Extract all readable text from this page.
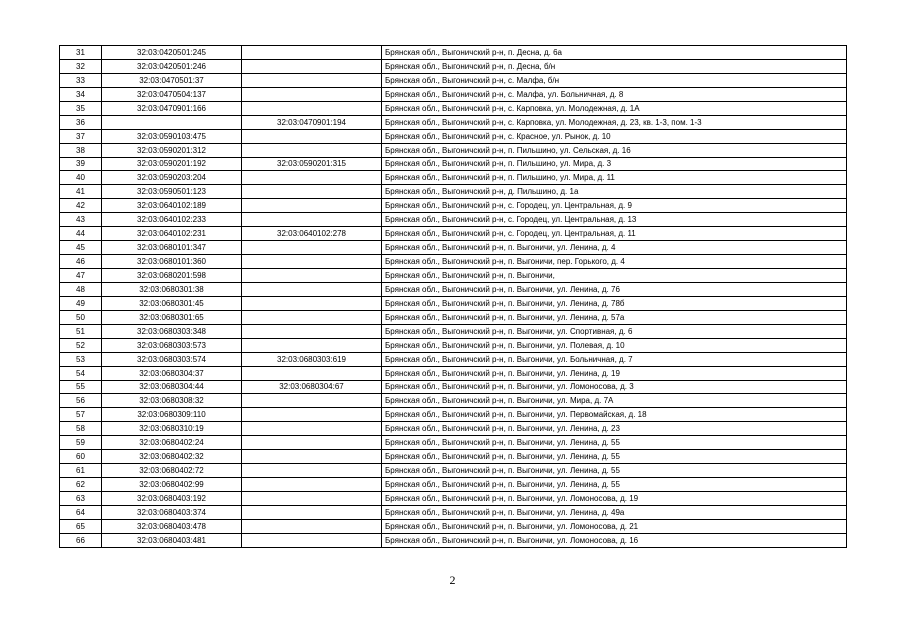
31	32:03:0420501:245		Брянская обл., Выгоничский р-н, п. Десна, д. 6а
32	32:03:0420501:246		Брянская обл., Выгоничский р-н, п. Десна, б/н
33	32:03:0470501:37		Брянская обл., Выгоничский р-н, с. Малфа, б/н
34	32:03:0470504:137		Брянская обл., Выгоничский р-н, с. Малфа, ул. Больничная, д. 8
35	32:03:0470901:166		Брянская обл., Выгоничский р-н, с. Карповка, ул. Молодежная, д. 1А
36		32:03:0470901:194	Брянская обл., Выгоничский р-н, с. Карповка, ул. Молодежная, д. 23, кв. 1-3, пом. 1-3
37	32:03:0590103:475		Брянская обл., Выгоничский р-н, с. Красное, ул. Рынок, д. 10
38	32:03:0590201:312		Брянская обл., Выгоничский р-н, п. Пильшино, ул. Сельская, д. 16
39	32:03:0590201:192	32:03:0590201:315	Брянская обл., Выгоничский р-н, п. Пильшино, ул. Мира, д. 3
40	32:03:0590203:204		Брянская обл., Выгоничский р-н, п. Пильшино, ул. Мира, д. 11
41	32:03:0590501:123		Брянская обл., Выгоничский р-н, д. Пильшино, д. 1а
42	32:03:0640102:189		Брянская обл., Выгоничский р-н, с. Городец, ул. Центральная, д. 9
43	32:03:0640102:233		Брянская обл., Выгоничский р-н, с. Городец, ул. Центральная, д. 13
44	32:03:0640102:231	32:03:0640102:278	Брянская обл., Выгоничский р-н, с. Городец, ул. Центральная, д. 11
45	32:03:0680101:347		Брянская обл., Выгоничский р-н, п. Выгоничи, ул. Ленина, д. 4
46	32:03:0680101:360		Брянская обл., Выгоничский р-н, п. Выгоничи, пер. Горького, д. 4
47	32:03:0680201:598		Брянская обл., Выгоничский р-н, п. Выгоничи,
48	32:03:0680301:38		Брянская обл., Выгоничский р-н, п. Выгоничи, ул. Ленина, д. 76
49	32:03:0680301:45		Брянская обл., Выгоничский р-н, п. Выгоничи, ул. Ленина, д. 78б
50	32:03:0680301:65		Брянская обл., Выгоничский р-н, п. Выгоничи, ул. Ленина, д. 57а
51	32:03:0680303:348		Брянская обл., Выгоничский р-н, п. Выгоничи, ул. Спортивная, д. 6
52	32:03:0680303:573		Брянская обл., Выгоничский р-н, п. Выгоничи, ул. Полевая, д. 10
53	32:03:0680303:574	32:03:0680303:619	Брянская обл., Выгоничский р-н, п. Выгоничи, ул. Больничная, д. 7
54	32:03:0680304:37		Брянская обл., Выгоничский р-н, п. Выгоничи, ул. Ленина, д. 19
55	32:03:0680304:44	32:03:0680304:67	Брянская обл., Выгоничский р-н, п. Выгоничи, ул. Ломоносова, д. 3
56	32:03:0680308:32		Брянская обл., Выгоничский р-н, п. Выгоничи, ул. Мира, д. 7А
57	32:03:0680309:110		Брянская обл., Выгоничский р-н, п. Выгоничи, ул. Первомайская, д. 18
58	32:03:0680310:19		Брянская обл., Выгоничский р-н, п. Выгоничи, ул. Ленина, д. 23
59	32:03:0680402:24		Брянская обл., Выгоничский р-н, п. Выгоничи, ул. Ленина, д. 55
60	32:03:0680402:32		Брянская обл., Выгоничский р-н, п. Выгоничи, ул. Ленина, д. 55
61	32:03:0680402:72		Брянская обл., Выгоничский р-н, п. Выгоничи, ул. Ленина, д. 55
62	32:03:0680402:99		Брянская обл., Выгоничский р-н, п. Выгоничи, ул. Ленина, д. 55
63	32:03:0680403:192		Брянская обл., Выгоничский р-н, п. Выгоничи, ул. Ломоносова, д. 19
64	32:03:0680403:374		Брянская обл., Выгоничский р-н, п. Выгоничи, ул. Ленина, д. 49а
65	32:03:0680403:478		Брянская обл., Выгоничский р-н, п. Выгоничи, ул. Ломоносова, д. 21
66	32:03:0680403:481		Брянская обл., Выгоничский р-н, п. Выгоничи, ул. Ломоносова, д. 16
2
